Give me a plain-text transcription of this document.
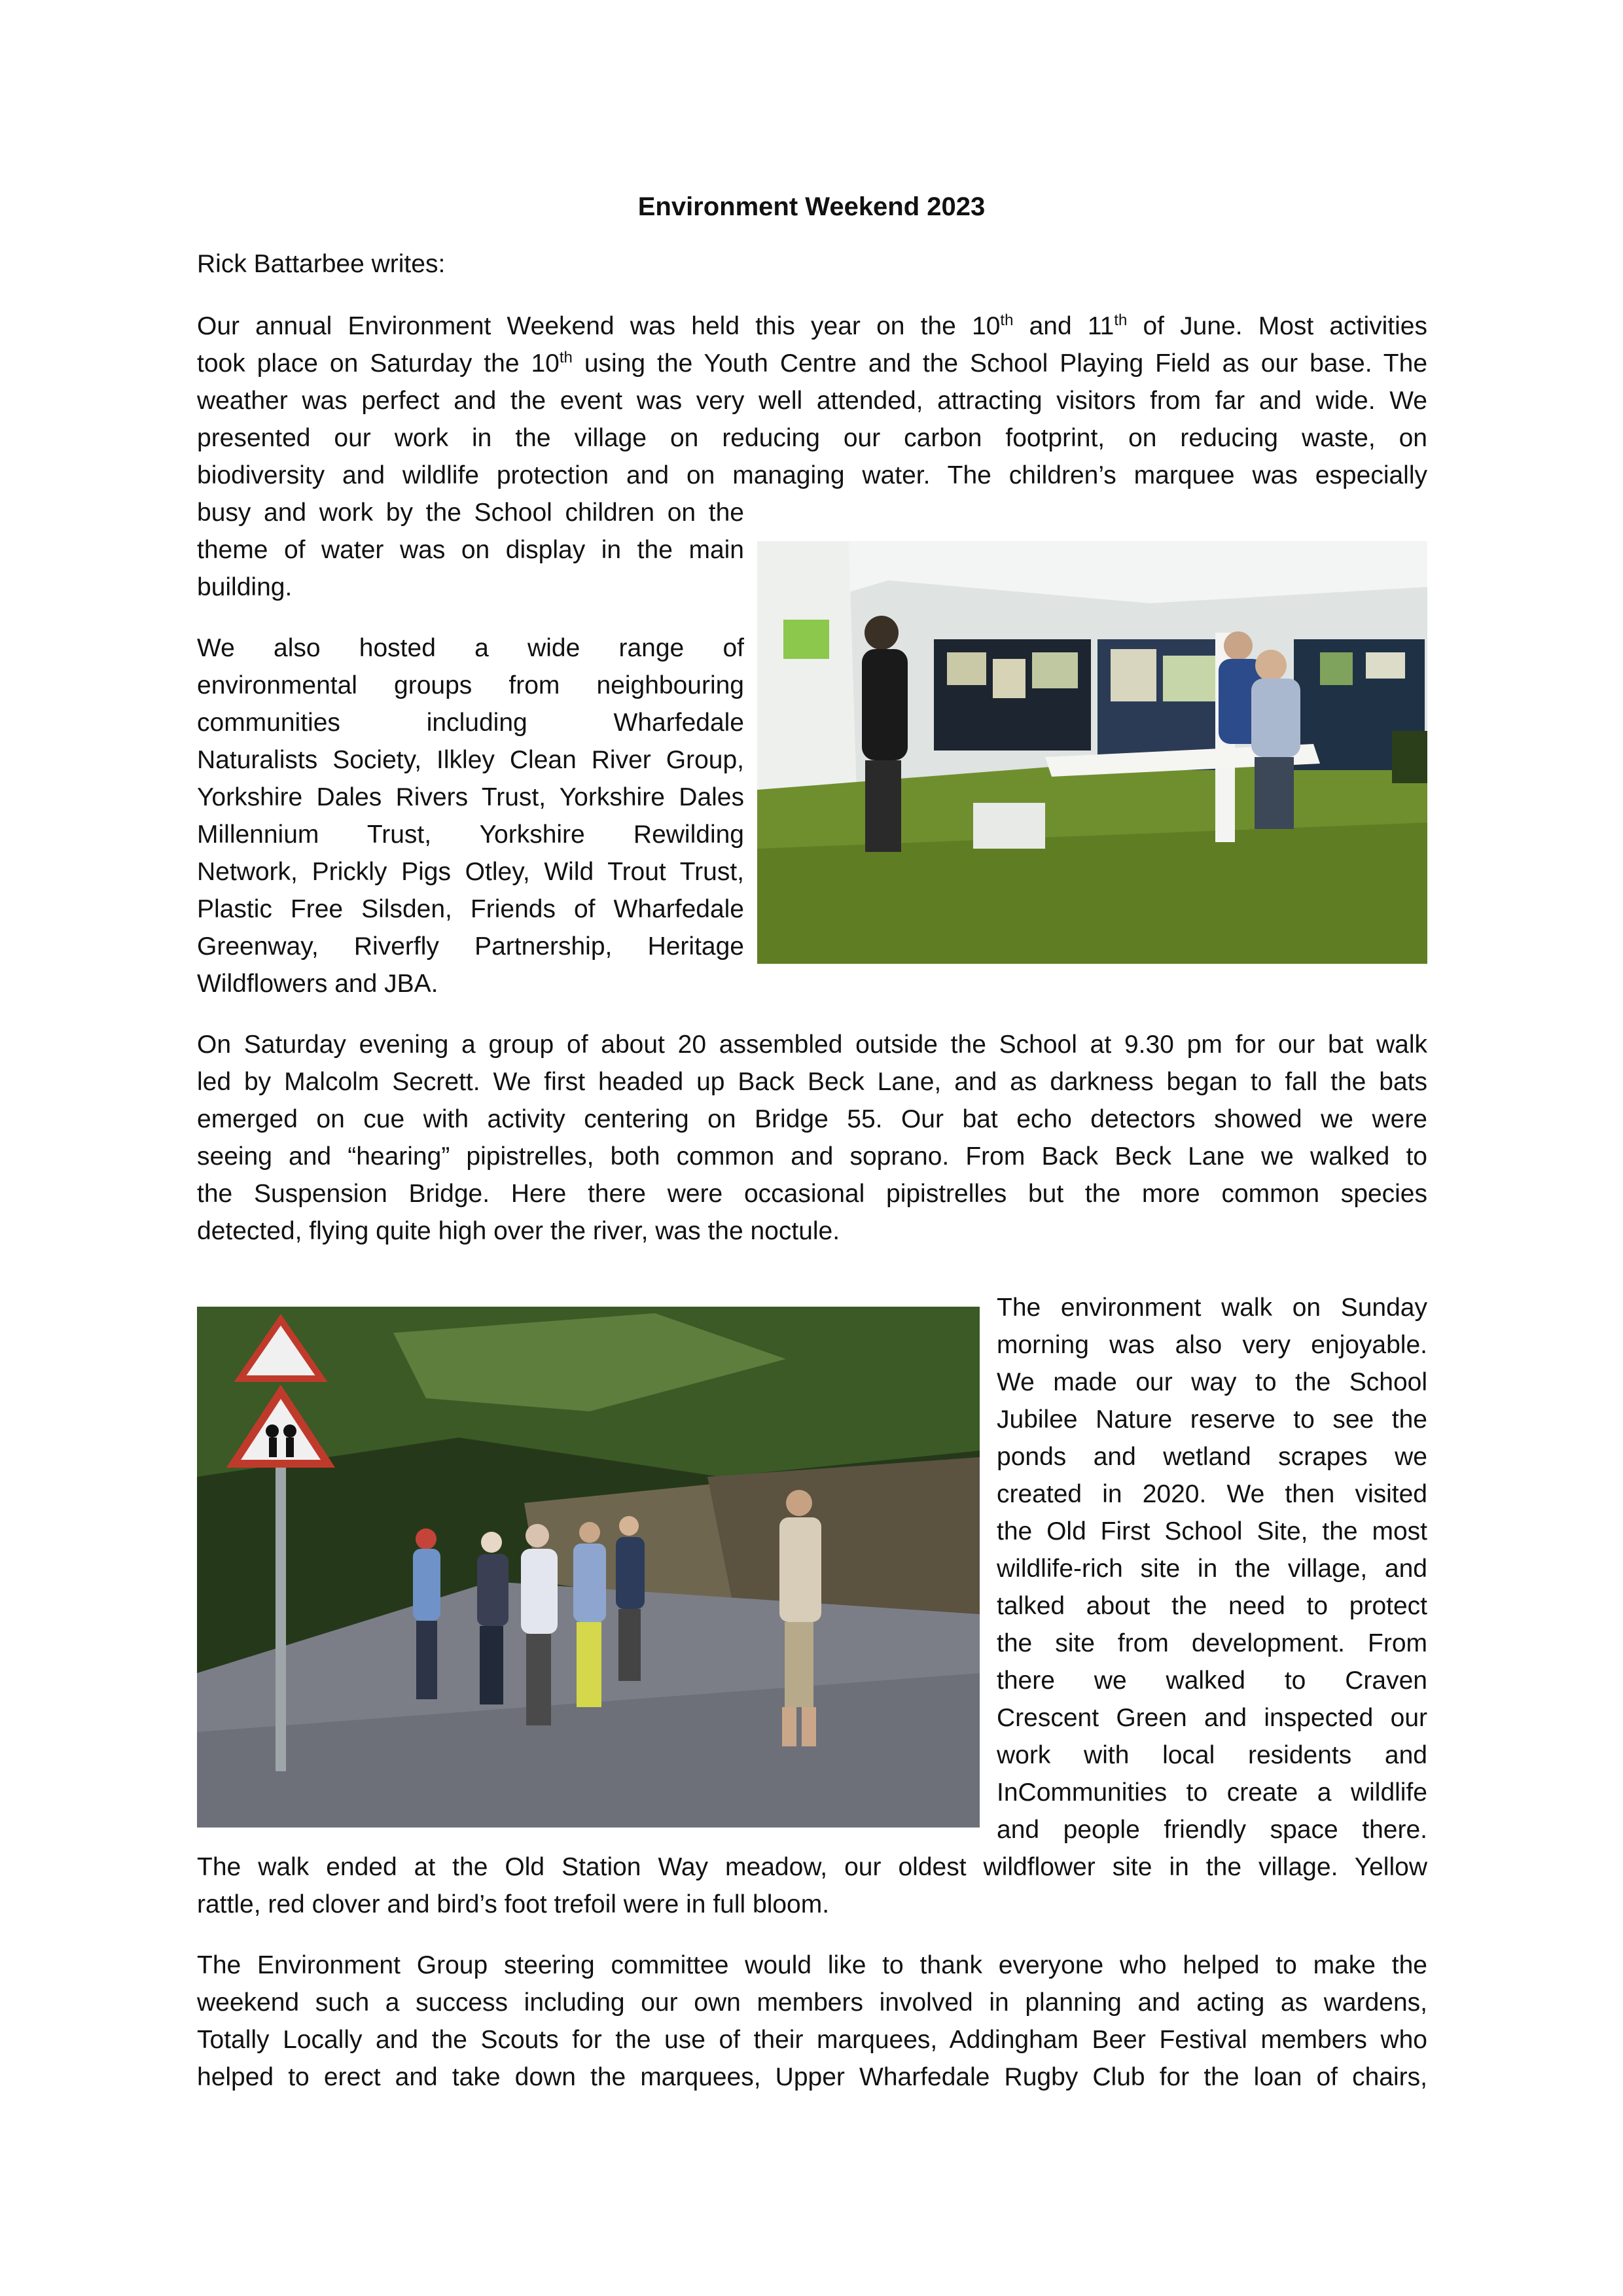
Environment Weekend 2023
Rick Battarbee writes:
Our annual Environment Weekend was held this year on the 10th and 11th of June. Most activities
took place on Saturday the 10th using the Youth Centre and the School Playing Field as our base. The
weather was perfect and the event was very well attended, attracting visitors from far and wide. We
presented our work in the village on reducing our carbon footprint, on reducing waste, on
biodiversity and wildlife protection and on managing water. The children’s marquee was especially
busy and work by the School children on the
theme of water was on display in the main
building.
We also hosted a wide range of
environmental groups from neighbouring
communities including Wharfedale
Naturalists Society, Ilkley Clean River Group,
Yorkshire Dales Rivers Trust, Yorkshire Dales
Millennium Trust, Yorkshire Rewilding
Network, Prickly Pigs Otley, Wild Trout Trust,
Plastic Free Silsden, Friends of Wharfedale
Greenway, Riverfly Partnership, Heritage
Wildflowers and JBA.
On Saturday evening a group of about 20 assembled outside the School at 9.30 pm for our bat walk
led by Malcolm Secrett. We first headed up Back Beck Lane, and as darkness began to fall the bats
emerged on cue with activity centering on Bridge 55. Our bat echo detectors showed we were
seeing and “hearing” pipistrelles, both common and soprano. From Back Beck Lane we walked to
the Suspension Bridge. Here there were occasional pipistrelles but the more common species
detected, flying quite high over the river, was the noctule.
The environment walk on Sunday
morning was also very enjoyable.
We made our way to the School
Jubilee Nature reserve to see the
ponds and wetland scrapes we
created in 2020. We then visited
the Old First School Site, the most
wildlife-rich site in the village, and
talked about the need to protect
the site from development. From
there we walked to Craven
Crescent Green and inspected our
work with local residents and
InCommunities to create a wildlife
and people friendly space there.
The walk ended at the Old Station Way meadow, our oldest wildflower site in the village. Yellow
rattle, red clover and bird’s foot trefoil were in full bloom.
The Environment Group steering committee would like to thank everyone who helped to make the
weekend such a success including our own members involved in planning and acting as wardens,
Totally Locally and the Scouts for the use of their marquees, Addingham Beer Festival members who
helped to erect and take down the marquees, Upper Wharfedale Rugby Club for the loan of chairs,
